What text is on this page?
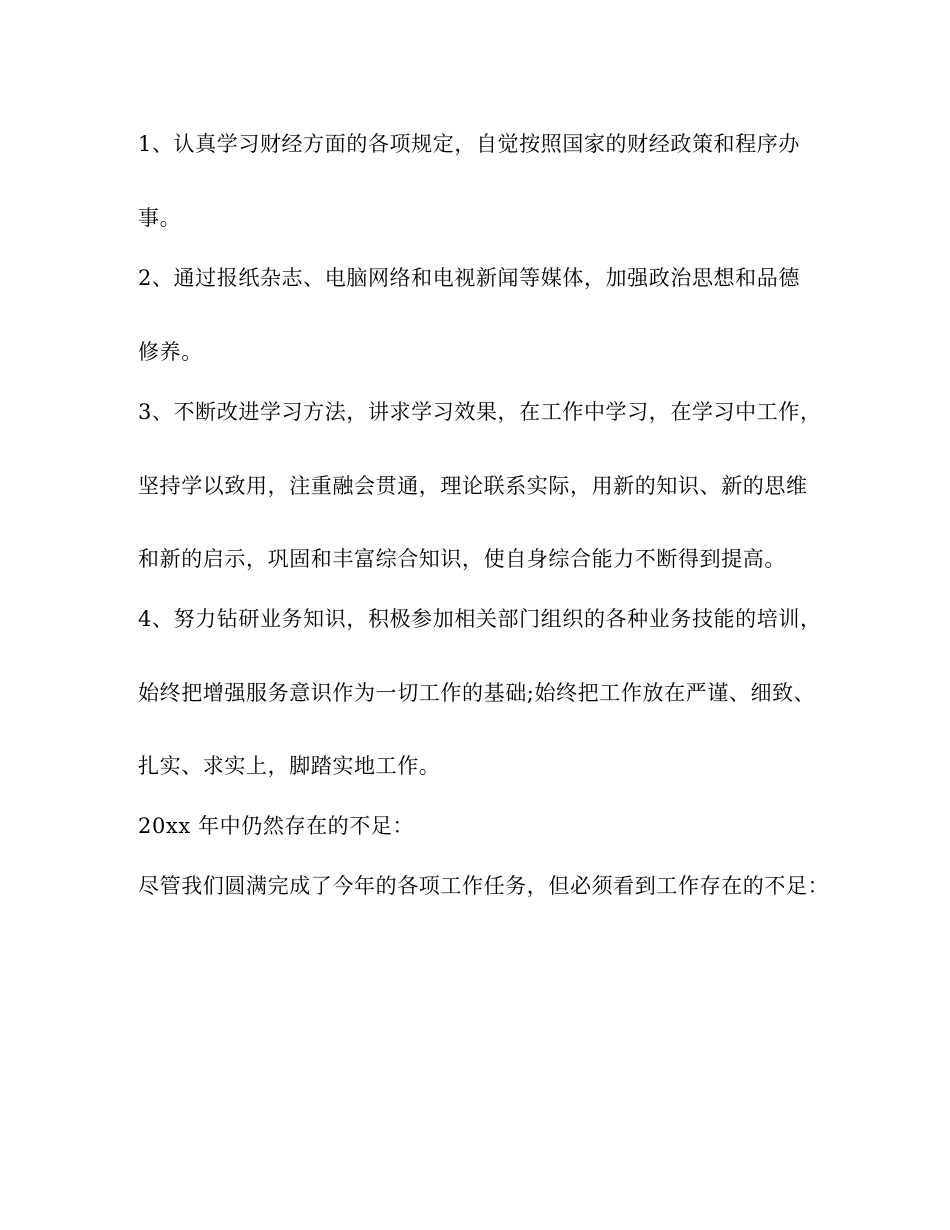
1、认真学习财经方面的各项规定，自觉按照国家的财经政策和程序办
事。
2、通过报纸杂志、电脑网络和电视新闻等媒体，加强政治思想和品德
修养。
3、不断改进学习方法，讲求学习效果，在工作中学习，在学习中工作，
坚持学以致用，注重融会贯通，理论联系实际，用新的知识、新的思维
和新的启示，巩固和丰富综合知识，使自身综合能力不断得到提高。
4、努力钻研业务知识，积极参加相关部门组织的各种业务技能的培训，
始终把增强服务意识作为一切工作的基础;始终把工作放在严谨、细致、
扎实、求实上，脚踏实地工作。
20xx 年中仍然存在的不足：
尽管我们圆满完成了今年的各项工作任务，但必须看到工作存在的不足：
